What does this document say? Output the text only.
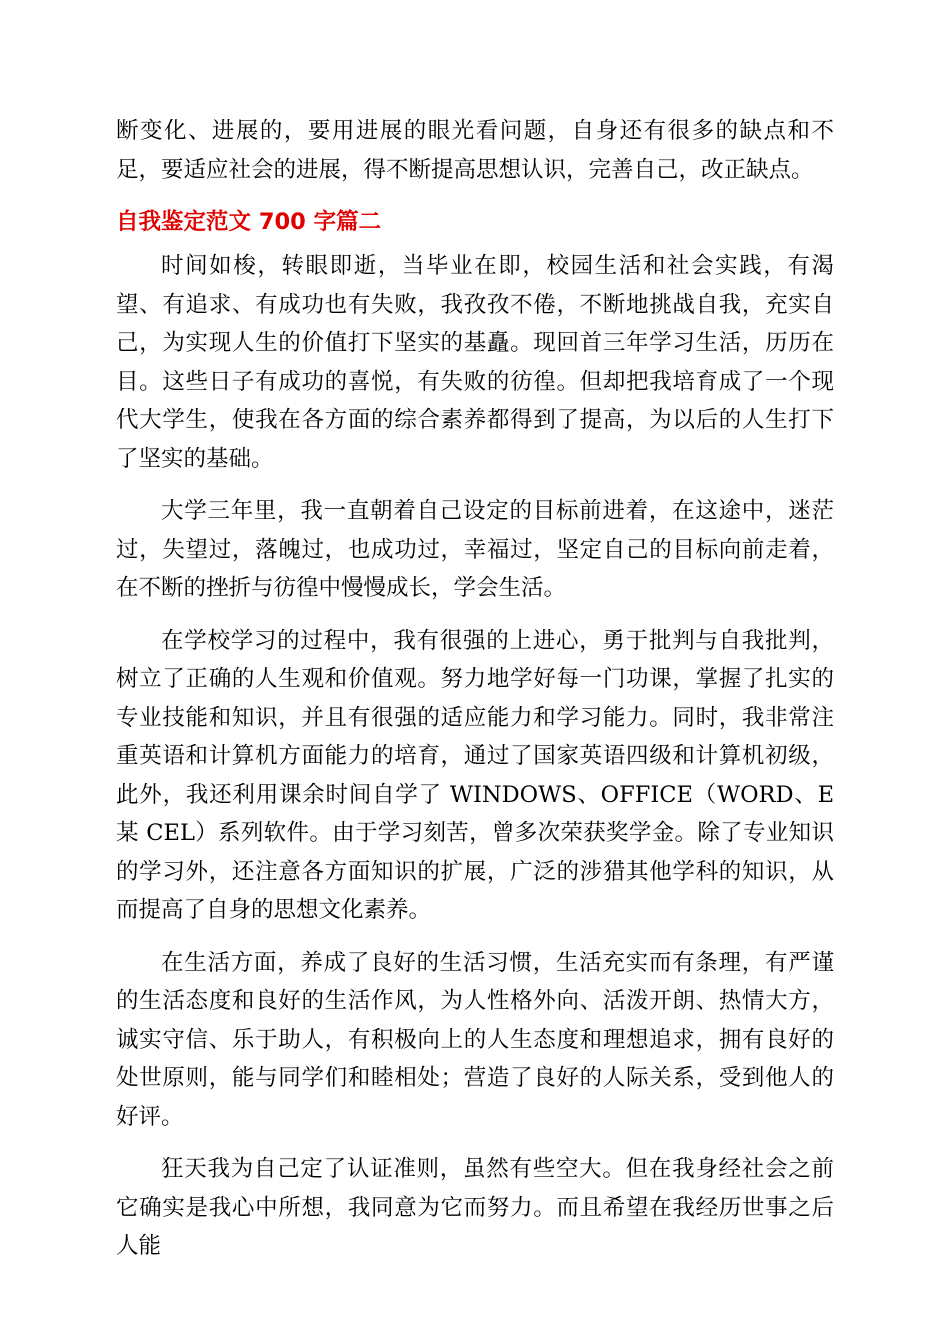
断变化、进展的，要用进展的眼光看问题，自身还有很多的缺点和不足，要适应社会的进展，得不断提高思想认识，完善自己，改正缺点。

自我鉴定范文 700 字篇二

时间如梭，转眼即逝，当毕业在即，校园生活和社会实践，有渴望、有追求、有成功也有失败，我孜孜不倦，不断地挑战自我，充实自己，为实现人生的价值打下坚实的基矗。现回首三年学习生活，历历在目。这些日子有成功的喜悦，有失败的彷徨。但却把我培育成了一个现代大学生，使我在各方面的综合素养都得到了提高，为以后的人生打下了坚实的基础。

大学三年里，我一直朝着自己设定的目标前进着，在这途中，迷茫过，失望过，落魄过，也成功过，幸福过，坚定自己的目标向前走着，在不断的挫折与彷徨中慢慢成长，学会生活。

在学校学习的过程中，我有很强的上进心，勇于批判与自我批判，树立了正确的人生观和价值观。努力地学好每一门功课，掌握了扎实的专业技能和知识，并且有很强的适应能力和学习能力。同时，我非常注重英语和计算机方面能力的培育，通过了国家英语四级和计算机初级，此外，我还利用课余时间自学了 WINDOWS、OFFICE（WORD、E 某 CEL）系列软件。由于学习刻苦，曾多次荣获奖学金。除了专业知识的学习外，还注意各方面知识的扩展，广泛的涉猎其他学科的知识，从而提高了自身的思想文化素养。

在生活方面，养成了良好的生活习惯，生活充实而有条理，有严谨的生活态度和良好的生活作风，为人性格外向、活泼开朗、热情大方，诚实守信、乐于助人，有积极向上的人生态度和理想追求，拥有良好的处世原则，能与同学们和睦相处；营造了良好的人际关系，受到他人的好评。

狂天我为自己定了认证准则，虽然有些空大。但在我身经社会之前它确实是我心中所想，我同意为它而努力。而且希望在我经历世事之后人能
